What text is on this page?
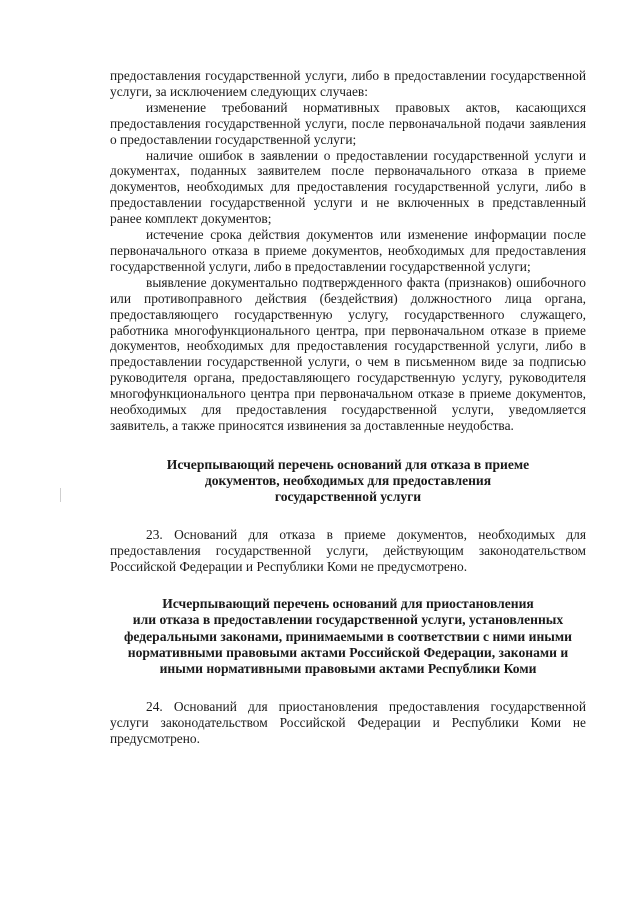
предоставления государственной услуги, либо в предоставлении государственной услуги, за исключением следующих случаев:

изменение требований нормативных правовых актов, касающихся предоставления государственной услуги, после первоначальной подачи заявления о предоставлении государственной услуги;

наличие ошибок в заявлении о предоставлении государственной услуги и документах, поданных заявителем после первоначального отказа в приеме документов, необходимых для предоставления государственной услуги, либо в предоставлении государственной услуги и не включенных в представленный ранее комплект документов;

истечение срока действия документов или изменение информации после первоначального отказа в приеме документов, необходимых для предоставления государственной услуги, либо в предоставлении государственной услуги;

выявление документально подтвержденного факта (признаков) ошибочного или противоправного действия (бездействия) должностного лица органа, предоставляющего государственную услугу, государственного служащего, работника многофункционального центра, при первоначальном отказе в приеме документов, необходимых для предоставления государственной услуги, либо в предоставлении государственной услуги, о чем в письменном виде за подписью руководителя органа, предоставляющего государственную услугу, руководителя многофункционального центра при первоначальном отказе в приеме документов, необходимых для предоставления государственной услуги, уведомляется заявитель, а также приносятся извинения за доставленные неудобства.

Исчерпывающий перечень оснований для отказа в приеме
документов, необходимых для предоставления
государственной услуги

23. Оснований для отказа в приеме документов, необходимых для предоставления государственной услуги, действующим законодательством Российской Федерации и Республики Коми не предусмотрено.

Исчерпывающий перечень оснований для приостановления
или отказа в предоставлении государственной услуги, установленных
федеральными законами, принимаемыми в соответствии с ними иными
нормативными правовыми актами Российской Федерации, законами и
иными нормативными правовыми актами Республики Коми

24. Оснований для приостановления предоставления государственной услуги законодательством Российской Федерации и Республики Коми не предусмотрено.
